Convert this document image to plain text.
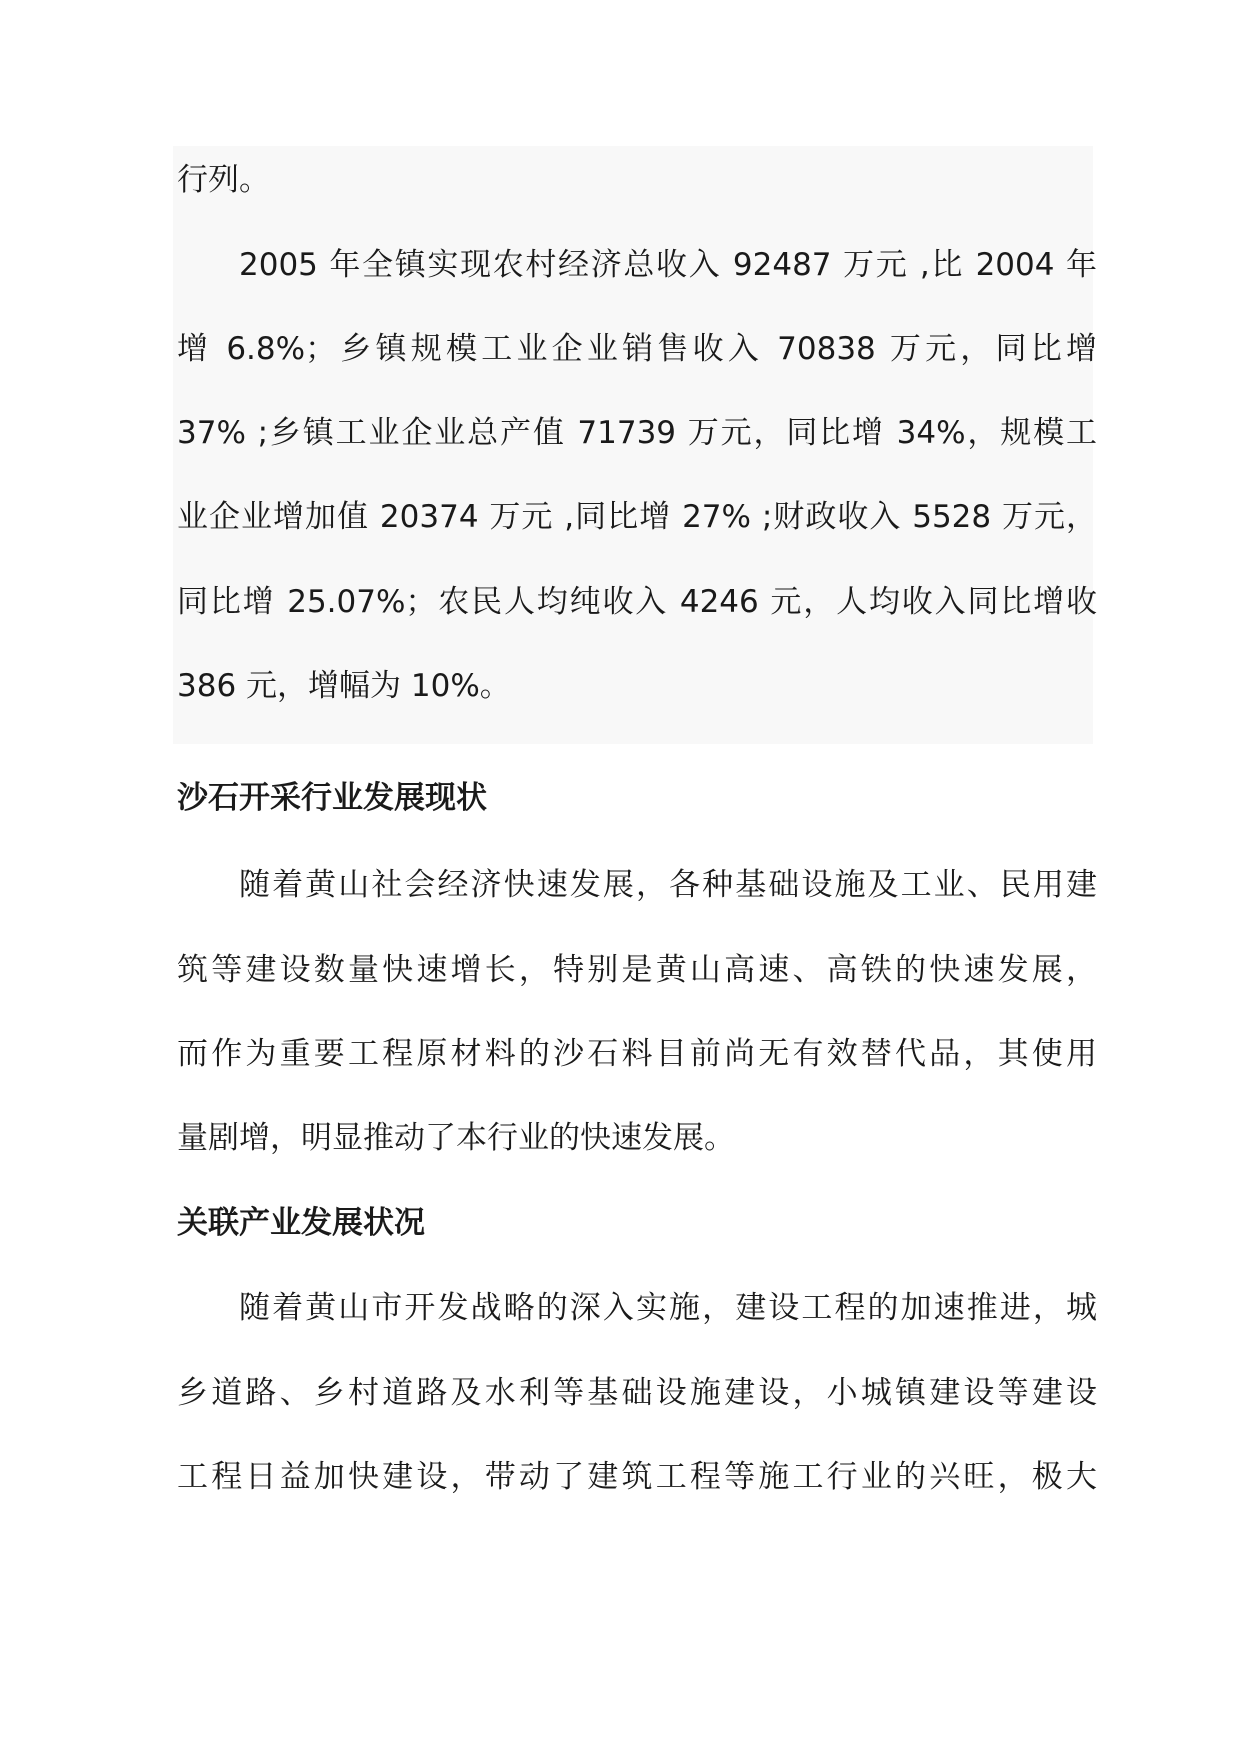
行列。
2005 年全镇实现农村经济总收入 92487 万元 ,比 2004 年
增 6.8%；乡镇规模工业企业销售收入 70838 万元，同比增
37% ;乡镇工业企业总产值 71739 万元，同比增 34%，规模工
业企业增加值 20374 万元 ,同比增 27% ;财政收入 5528 万元，
同比增 25.07%；农民人均纯收入 4246 元，人均收入同比增收
386 元，增幅为 10%。
沙石开采行业发展现状
随着黄山社会经济快速发展，各种基础设施及工业、民用建
筑等建设数量快速增长，特别是黄山高速、高铁的快速发展，
而作为重要工程原材料的沙石料目前尚无有效替代品，其使用
量剧增，明显推动了本行业的快速发展。
关联产业发展状况
随着黄山市开发战略的深入实施，建设工程的加速推进，城
乡道路、乡村道路及水利等基础设施建设，小城镇建设等建设
工程日益加快建设，带动了建筑工程等施工行业的兴旺，极大
